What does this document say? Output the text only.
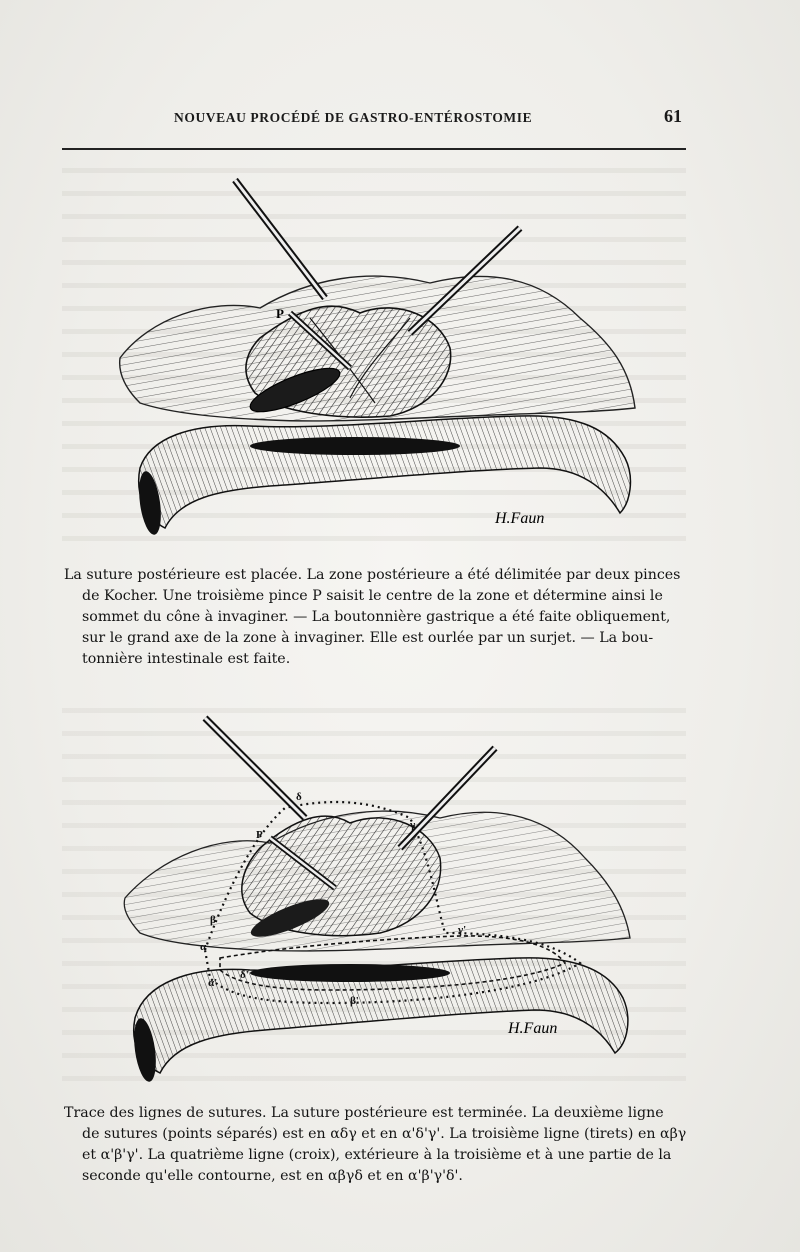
NOUVEAU PROCÉDÉ DE GASTRO-ENTÉROSTOMIE	61
P
H.Faun
La suture postérieure est placée. La zone postérieure a été délimitée par deux pinces
de Kocher. Une troisième pince P saisit le centre de la zone et détermine ainsi le
sommet du cône à invaginer. — La boutonnière gastrique a été faite obliquement,
sur le grand axe de la zone à invaginer. Elle est ourlée par un surjet. — La bou-
tonnière intestinale est faite.
P
δ
γ
γ'
β
α
β'
δ'
α'
H.Faun
Trace des lignes de sutures. La suture postérieure est terminée. La deuxième ligne
de sutures (points séparés) est en αδγ et en α'δ'γ'. La troisième ligne (tirets) en αβγ
et α'β'γ'. La quatrième ligne (croix), extérieure à la troisième et à une partie de la
seconde qu'elle contourne, est en αβγδ et en α'β'γ'δ'.
